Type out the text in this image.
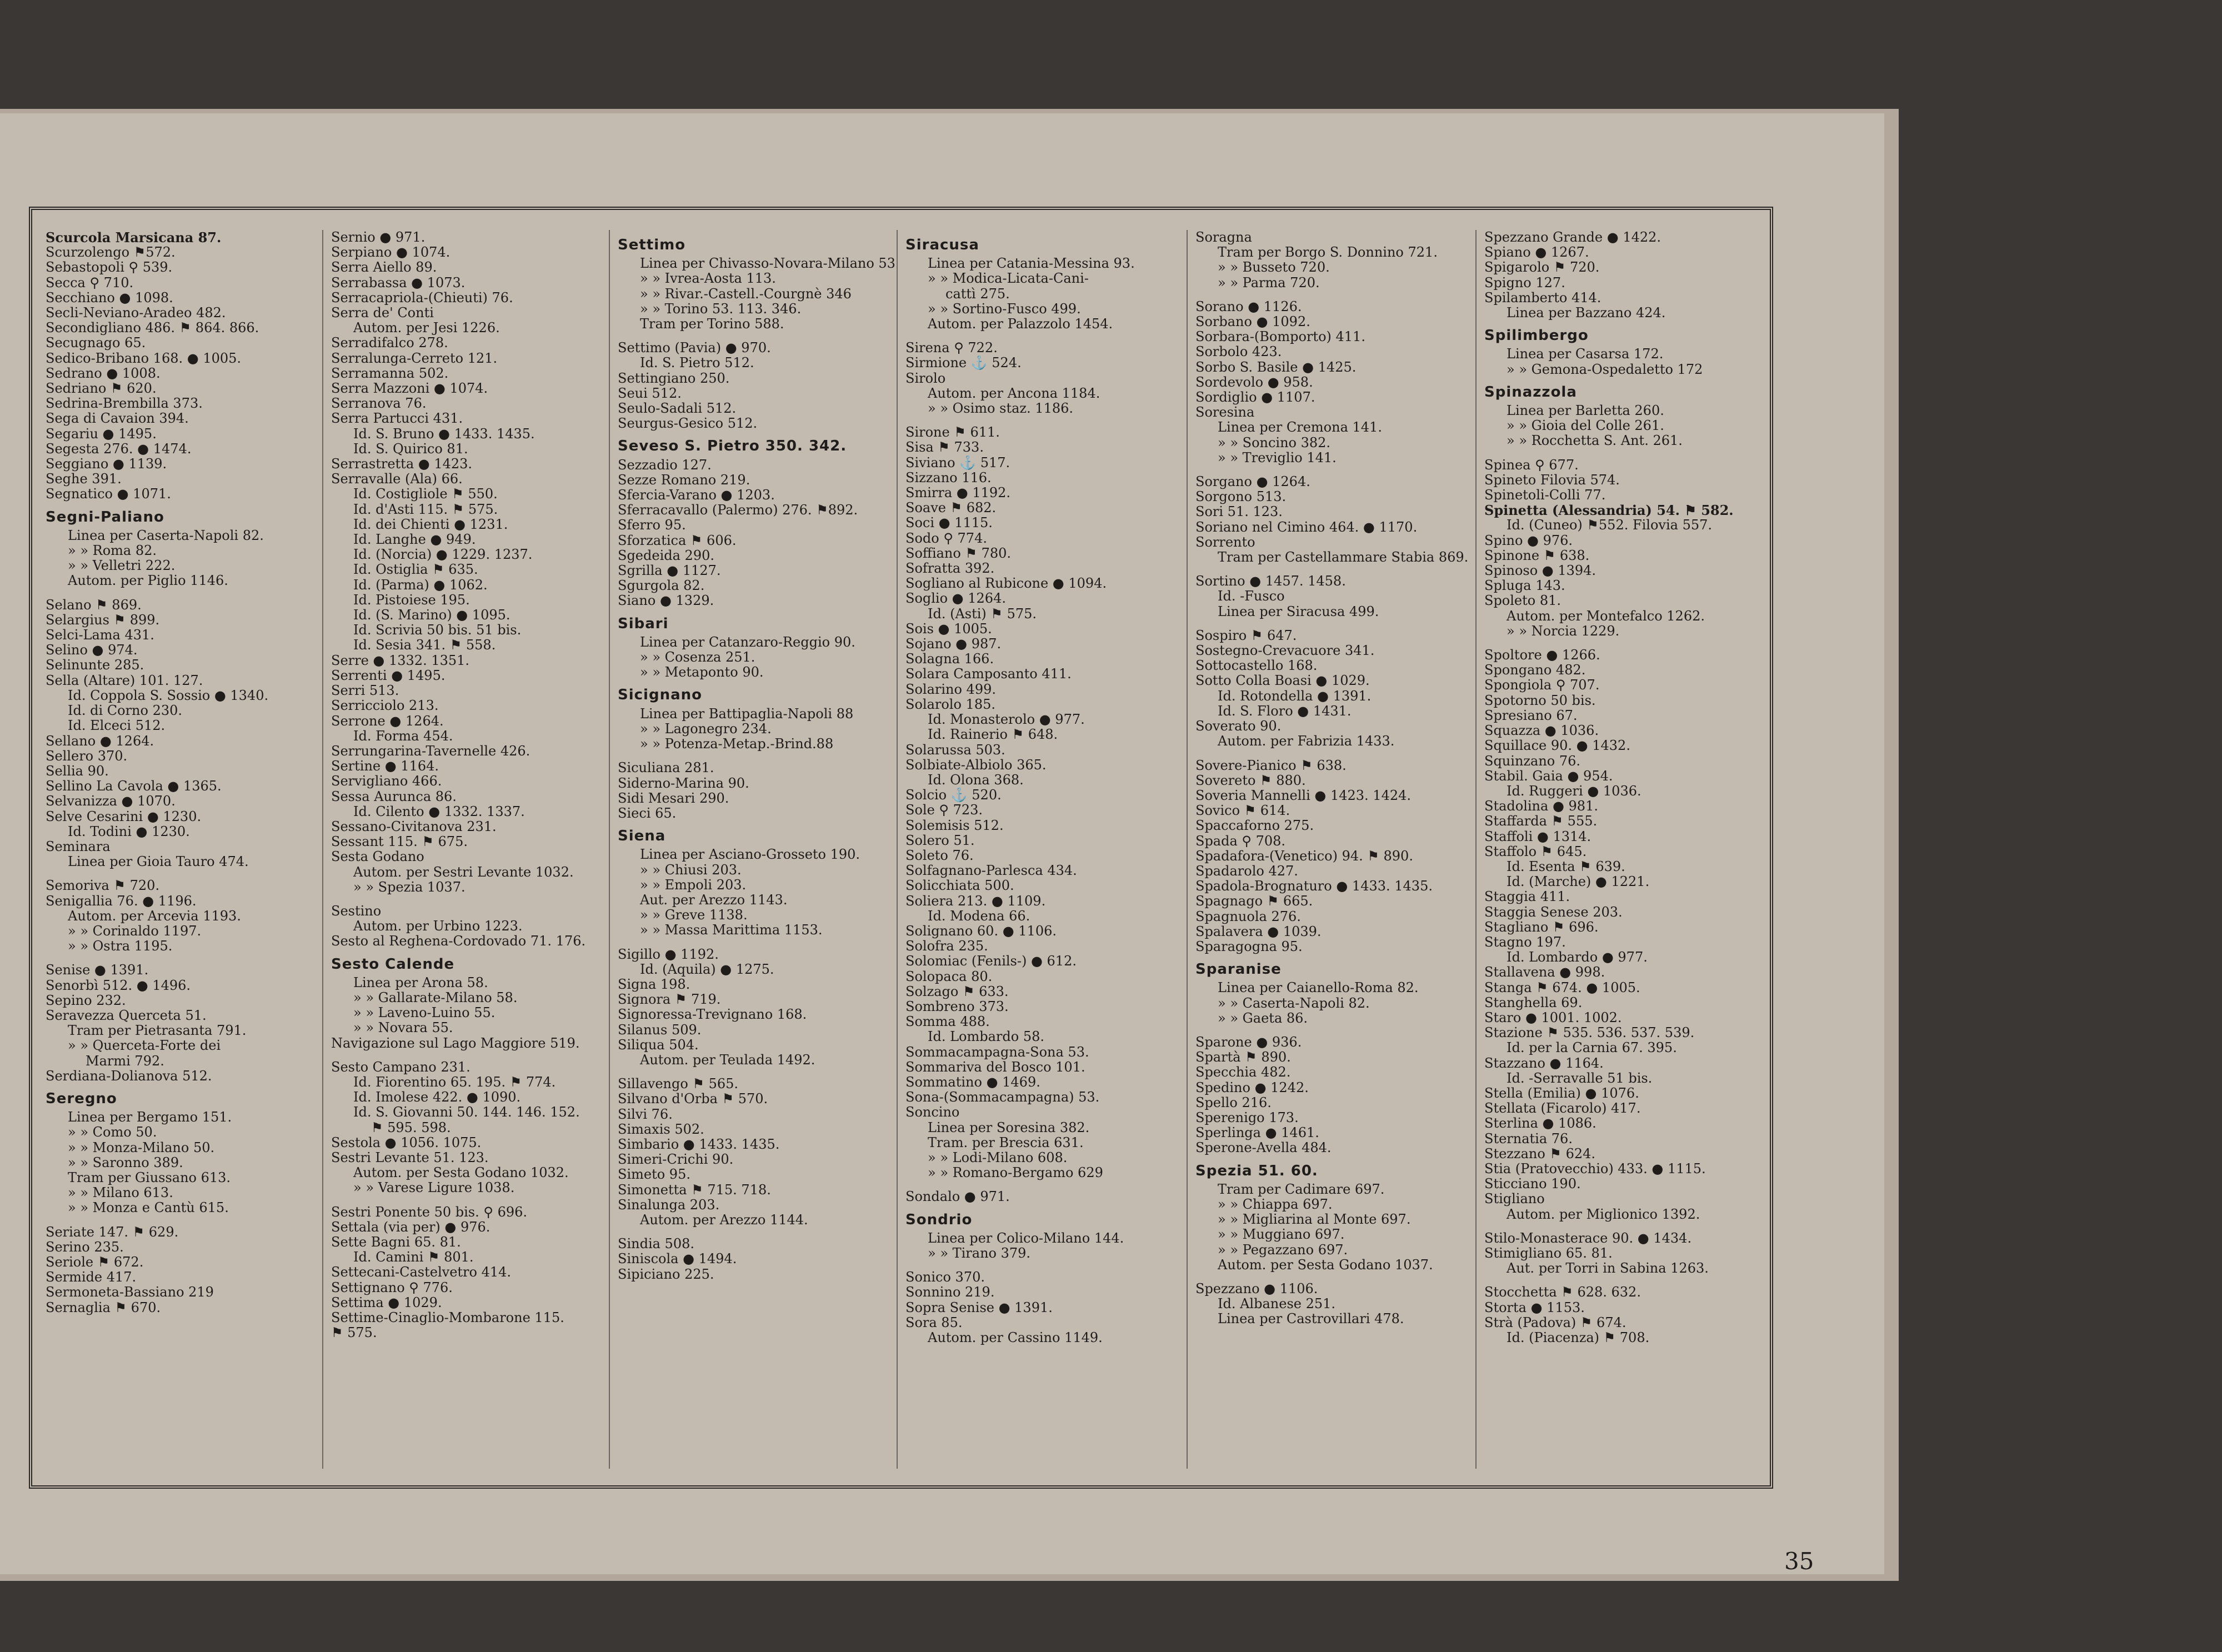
Scurcola Marsicana 87.
Scurzolengo ⚑572.
Sebastopoli ⚲ 539.
Secca ⚲ 710.
Secchiano ● 1098.
Secli-Neviano-Aradeo 482.
Secondigliano 486. ⚑ 864. 866.
Secugnago 65.
Sedico-Bribano 168. ● 1005.
Sedrano ● 1008.
Sedriano ⚑ 620.
Sedrina-Brembilla 373.
Sega di Cavaion 394.
Segariu ● 1495.
Segesta 276. ● 1474.
Seggiano ● 1139.
Seghe 391.
Segnatico ● 1071.
Segni-Paliano
Linea per Caserta-Napoli 82.
» » Roma 82.
» » Velletri 222.
Autom. per Piglio 1146.
Selano ⚑ 869.
Selargius ⚑ 899.
Selci-Lama 431.
Selino ● 974.
Selinunte 285.
Sella (Altare) 101. 127.
Id. Coppola S. Sossio ● 1340.
Id. di Corno 230.
Id. Elceci 512.
Sellano ● 1264.
Sellero 370.
Sellia 90.
Sellino La Cavola ● 1365.
Selvanizza ● 1070.
Selve Cesarini ● 1230.
Id. Todini ● 1230.
Seminara
Linea per Gioia Tauro 474.
Semoriva ⚑ 720.
Senigallia 76. ● 1196.
Autom. per Arcevia 1193.
» » Corinaldo 1197.
» » Ostra 1195.
Senise ● 1391.
Senorbì 512. ● 1496.
Sepino 232.
Seravezza Querceta 51.
Tram per Pietrasanta 791.
» » Querceta-Forte dei
Marmi 792.
Serdiana-Dolianova 512.
Seregno
Linea per Bergamo 151.
» » Como 50.
» » Monza-Milano 50.
» » Saronno 389.
Tram per Giussano 613.
» » Milano 613.
» » Monza e Cantù 615.
Seriate 147. ⚑ 629.
Serino 235.
Seriole ⚑ 672.
Sermide 417.
Sermoneta-Bassiano 219
Sernaglia ⚑ 670.
Sernio ● 971.
Serpiano ● 1074.
Serra Aiello 89.
Serrabassa ● 1073.
Serracapriola-(Chieuti) 76.
Serra de' Conti
Autom. per Jesi 1226.
Serradifalco 278.
Serralunga-Cerreto 121.
Serramanna 502.
Serra Mazzoni ● 1074.
Serranova 76.
Serra Partucci 431.
Id. S. Bruno ● 1433. 1435.
Id. S. Quirico 81.
Serrastretta ● 1423.
Serravalle (Ala) 66.
Id. Costigliole ⚑ 550.
Id. d'Asti 115. ⚑ 575.
Id. dei Chienti ● 1231.
Id. Langhe ● 949.
Id. (Norcia) ● 1229. 1237.
Id. Ostiglia ⚑ 635.
Id. (Parma) ● 1062.
Id. Pistoiese 195.
Id. (S. Marino) ● 1095.
Id. Scrivia 50 bis. 51 bis.
Id. Sesia 341. ⚑ 558.
Serre ● 1332. 1351.
Serrenti ● 1495.
Serri 513.
Serricciolo 213.
Serrone ● 1264.
Id. Forma 454.
Serrungarina-Tavernelle 426.
Sertine ● 1164.
Servigliano 466.
Sessa Aurunca 86.
Id. Cilento ● 1332. 1337.
Sessano-Civitanova 231.
Sessant 115. ⚑ 675.
Sesta Godano
Autom. per Sestri Levante 1032.
» » Spezia 1037.
Sestino
Autom. per Urbino 1223.
Sesto al Reghena-Cordovado 71. 176.
Sesto Calende
Linea per Arona 58.
» » Gallarate-Milano 58.
» » Laveno-Luino 55.
» » Novara 55.
Navigazione sul Lago Maggiore 519.
Sesto Campano 231.
Id. Fiorentino 65. 195. ⚑ 774.
Id. Imolese 422. ● 1090.
Id. S. Giovanni 50. 144. 146. 152.
⚑ 595. 598.
Sestola ● 1056. 1075.
Sestri Levante 51. 123.
Autom. per Sesta Godano 1032.
» » Varese Ligure 1038.
Sestri Ponente 50 bis. ⚲ 696.
Settala (via per) ● 976.
Sette Bagni 65. 81.
Id. Camini ⚑ 801.
Settecani-Castelvetro 414.
Settignano ⚲ 776.
Settima ● 1029.
Settime-Cinaglio-Mombarone 115.
⚑ 575.
Settimo
Linea per Chivasso-Novara-Milano 53
» » Ivrea-Aosta 113.
» » Rivar.-Castell.-Courgnè 346
» » Torino 53. 113. 346.
Tram per Torino 588.
Settimo (Pavia) ● 970.
Id. S. Pietro 512.
Settingiano 250.
Seui 512.
Seulo-Sadali 512.
Seurgus-Gesico 512.
Seveso S. Pietro 350. 342.
Sezzadio 127.
Sezze Romano 219.
Sfercia-Varano ● 1203.
Sferracavallo (Palermo) 276. ⚑892.
Sferro 95.
Sforzatica ⚑ 606.
Sgedeida 290.
Sgrilla ● 1127.
Sgurgola 82.
Siano ● 1329.
Sibari
Linea per Catanzaro-Reggio 90.
» » Cosenza 251.
» » Metaponto 90.
Sicignano
Linea per Battipaglia-Napoli 88
» » Lagonegro 234.
» » Potenza-Metap.-Brind.88
Siculiana 281.
Siderno-Marina 90.
Sidi Mesari 290.
Sieci 65.
Siena
Linea per Asciano-Grosseto 190.
» » Chiusi 203.
» » Empoli 203.
Aut. per Arezzo 1143.
» » Greve 1138.
» » Massa Marittima 1153.
Sigillo ● 1192.
Id. (Aquila) ● 1275.
Signa 198.
Signora ⚑ 719.
Signoressa-Trevignano 168.
Silanus 509.
Siliqua 504.
Autom. per Teulada 1492.
Sillavengo ⚑ 565.
Silvano d'Orba ⚑ 570.
Silvi 76.
Simaxis 502.
Simbario ● 1433. 1435.
Simeri-Crichi 90.
Simeto 95.
Simonetta ⚑ 715. 718.
Sinalunga 203.
Autom. per Arezzo 1144.
Sindia 508.
Siniscola ● 1494.
Sipiciano 225.
Siracusa
Linea per Catania-Messina 93.
» » Modica-Licata-Cani-
cattì 275.
» » Sortino-Fusco 499.
Autom. per Palazzolo 1454.
Sirena ⚲ 722.
Sirmione ⚓ 524.
Sirolo
Autom. per Ancona 1184.
» » Osimo staz. 1186.
Sirone ⚑ 611.
Sisa ⚑ 733.
Siviano ⚓ 517.
Sizzano 116.
Smirra ● 1192.
Soave ⚑ 682.
Soci ● 1115.
Sodo ⚲ 774.
Soffiano ⚑ 780.
Sofratta 392.
Sogliano al Rubicone ● 1094.
Soglio ● 1264.
Id. (Asti) ⚑ 575.
Sois ● 1005.
Sojano ● 987.
Solagna 166.
Solara Camposanto 411.
Solarino 499.
Solarolo 185.
Id. Monasterolo ● 977.
Id. Rainerio ⚑ 648.
Solarussa 503.
Solbiate-Albiolo 365.
Id. Olona 368.
Solcio ⚓ 520.
Sole ⚲ 723.
Solemisis 512.
Solero 51.
Soleto 76.
Solfagnano-Parlesca 434.
Solicchiata 500.
Soliera 213. ● 1109.
Id. Modena 66.
Solignano 60. ● 1106.
Solofra 235.
Solomiac (Fenils-) ● 612.
Solopaca 80.
Solzago ⚑ 633.
Sombreno 373.
Somma 488.
Id. Lombardo 58.
Sommacampagna-Sona 53.
Sommariva del Bosco 101.
Sommatino ● 1469.
Sona-(Sommacampagna) 53.
Soncino
Linea per Soresina 382.
Tram. per Brescia 631.
» » Lodi-Milano 608.
» » Romano-Bergamo 629
Sondalo ● 971.
Sondrio
Linea per Colico-Milano 144.
» » Tirano 379.
Sonico 370.
Sonnino 219.
Sopra Senise ● 1391.
Sora 85.
Autom. per Cassino 1149.
Soragna
Tram per Borgo S. Donnino 721.
» » Busseto 720.
» » Parma 720.
Sorano ● 1126.
Sorbano ● 1092.
Sorbara-(Bomporto) 411.
Sorbolo 423.
Sorbo S. Basile ● 1425.
Sordevolo ● 958.
Sordiglio ● 1107.
Soresina
Linea per Cremona 141.
» » Soncino 382.
» » Treviglio 141.
Sorgano ● 1264.
Sorgono 513.
Sori 51. 123.
Soriano nel Cimino 464. ● 1170.
Sorrento
Tram per Castellammare Stabia 869.
Sortino ● 1457. 1458.
Id. -Fusco
Linea per Siracusa 499.
Sospiro ⚑ 647.
Sostegno-Crevacuore 341.
Sottocastello 168.
Sotto Colla Boasi ● 1029.
Id. Rotondella ● 1391.
Id. S. Floro ● 1431.
Soverato 90.
Autom. per Fabrizia 1433.
Sovere-Pianico ⚑ 638.
Sovereto ⚑ 880.
Soveria Mannelli ● 1423. 1424.
Sovico ⚑ 614.
Spaccaforno 275.
Spada ⚲ 708.
Spadafora-(Venetico) 94. ⚑ 890.
Spadarolo 427.
Spadola-Brognaturo ● 1433. 1435.
Spagnago ⚑ 665.
Spagnuola 276.
Spalavera ● 1039.
Sparagogna 95.
Sparanise
Linea per Caianello-Roma 82.
» » Caserta-Napoli 82.
» » Gaeta 86.
Sparone ● 936.
Spartà ⚑ 890.
Specchia 482.
Spedino ● 1242.
Spello 216.
Sperenigo 173.
Sperlinga ● 1461.
Sperone-Avella 484.
Spezia 51. 60.
Tram per Cadimare 697.
» » Chiappa 697.
» » Migliarina al Monte 697.
» » Muggiano 697.
» » Pegazzano 697.
Autom. per Sesta Godano 1037.
Spezzano ● 1106.
Id. Albanese 251.
Linea per Castrovillari 478.
Spezzano Grande ● 1422.
Spiano ● 1267.
Spigarolo ⚑ 720.
Spigno 127.
Spilamberto 414.
Linea per Bazzano 424.
Spilimbergo
Linea per Casarsa 172.
» » Gemona-Ospedaletto 172
Spinazzola
Linea per Barletta 260.
» » Gioia del Colle 261.
» » Rocchetta S. Ant. 261.
Spinea ⚲ 677.
Spineto Filovia 574.
Spinetoli-Colli 77.
Spinetta (Alessandria) 54. ⚑ 582.
Id. (Cuneo) ⚑552. Filovia 557.
Spino ● 976.
Spinone ⚑ 638.
Spinoso ● 1394.
Spluga 143.
Spoleto 81.
Autom. per Montefalco 1262.
» » Norcia 1229.
Spoltore ● 1266.
Spongano 482.
Spongiola ⚲ 707.
Spotorno 50 bis.
Spresiano 67.
Squazza ● 1036.
Squillace 90. ● 1432.
Squinzano 76.
Stabil. Gaia ● 954.
Id. Ruggeri ● 1036.
Stadolina ● 981.
Staffarda ⚑ 555.
Staffoli ● 1314.
Staffolo ⚑ 645.
Id. Esenta ⚑ 639.
Id. (Marche) ● 1221.
Staggia 411.
Staggia Senese 203.
Stagliano ⚑ 696.
Stagno 197.
Id. Lombardo ● 977.
Stallavena ● 998.
Stanga ⚑ 674. ● 1005.
Stanghella 69.
Staro ● 1001. 1002.
Stazione ⚑ 535. 536. 537. 539.
Id. per la Carnia 67. 395.
Stazzano ● 1164.
Id. -Serravalle 51 bis.
Stella (Emilia) ● 1076.
Stellata (Ficarolo) 417.
Sterlina ● 1086.
Sternatia 76.
Stezzano ⚑ 624.
Stia (Pratovecchio) 433. ● 1115.
Sticciano 190.
Stigliano
Autom. per Miglionico 1392.
Stilo-Monasterace 90. ● 1434.
Stimigliano 65. 81.
Aut. per Torri in Sabina 1263.
Stocchetta ⚑ 628. 632.
Storta ● 1153.
Strà (Padova) ⚑ 674.
Id. (Piacenza) ⚑ 708.
35
